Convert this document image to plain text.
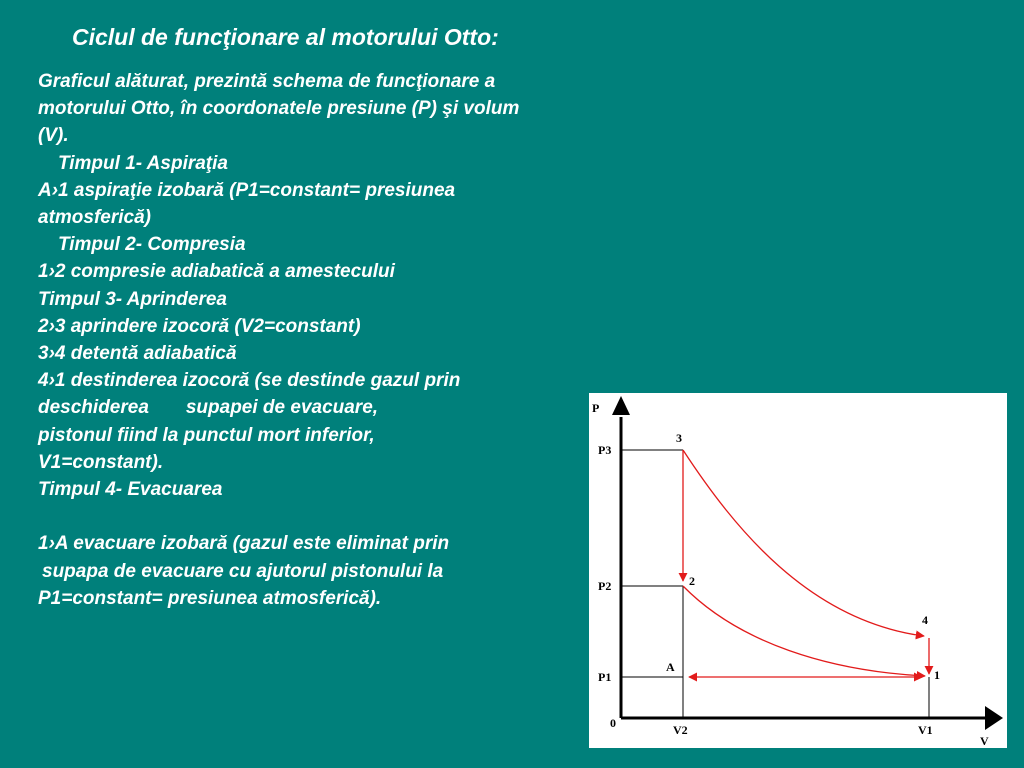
Ciclul de funcţionare al motorului Otto:
Graficul alăturat, prezintă schema de funcţionare a
motorului Otto, în coordonatele presiune (P) şi volum
(V).
Timpul 1- Aspiraţia
A›1 aspiraţie izobară (P1=constant= presiunea
atmosferică)
Timpul 2- Compresia
1›2 compresie adiabatică a amestecului
Timpul 3- Aprinderea
2›3 aprindere izocoră (V2=constant)
3›4 detentă adiabatică
4›1 destinderea izocoră (se destinde gazul prin
deschiderea       supapei de evacuare,
pistonul fiind la punctul mort inferior,
V1=constant).
Timpul 4- Evacuarea
1›A evacuare izobară (gazul este eliminat prin
supapa de evacuare cu ajutorul pistonului la
P1=constant= presiunea atmosferică).
P
V
0
P3
P2
P1
V2	V1
3
2
4
1
A
